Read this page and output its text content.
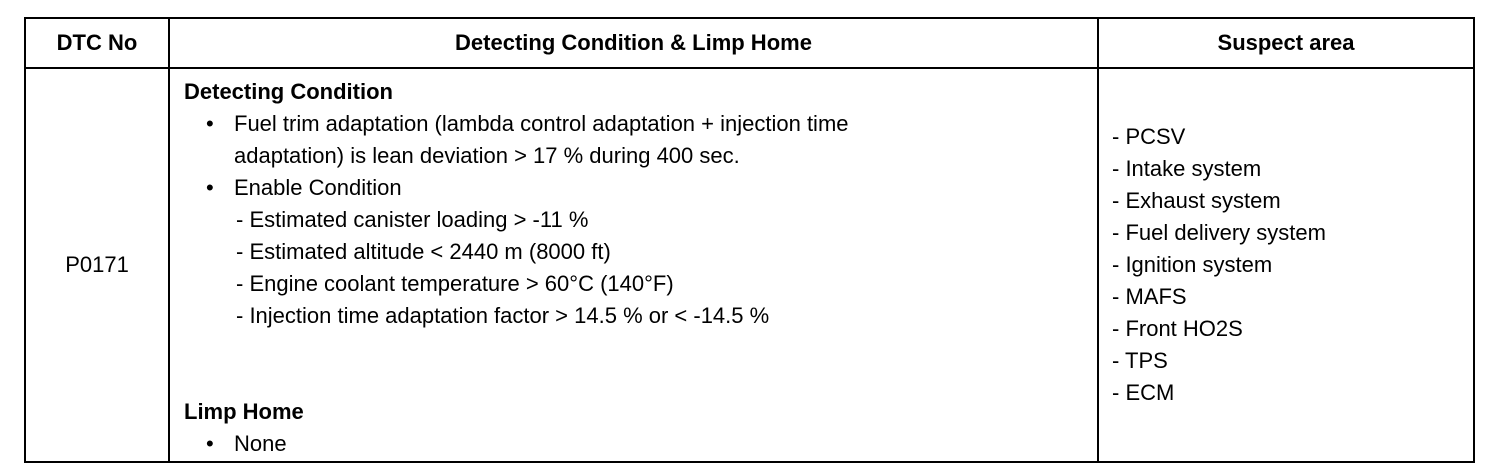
DTC No	Detecting Condition & Limp Home	Suspect area
P0171
Detecting Condition
• Fuel trim adaptation (lambda control adaptation + injection time
adaptation) is lean deviation > 17 % during 400 sec.
• Enable Condition
- Estimated canister loading > -11 %
- Estimated altitude < 2440 m (8000 ft)
- Engine coolant temperature > 60°C (140°F)
- Injection time adaptation factor > 14.5 % or < -14.5 %
Limp Home
• None
- PCSV
- Intake system
- Exhaust system
- Fuel delivery system
- Ignition system
- MAFS
- Front HO2S
- TPS
- ECM
